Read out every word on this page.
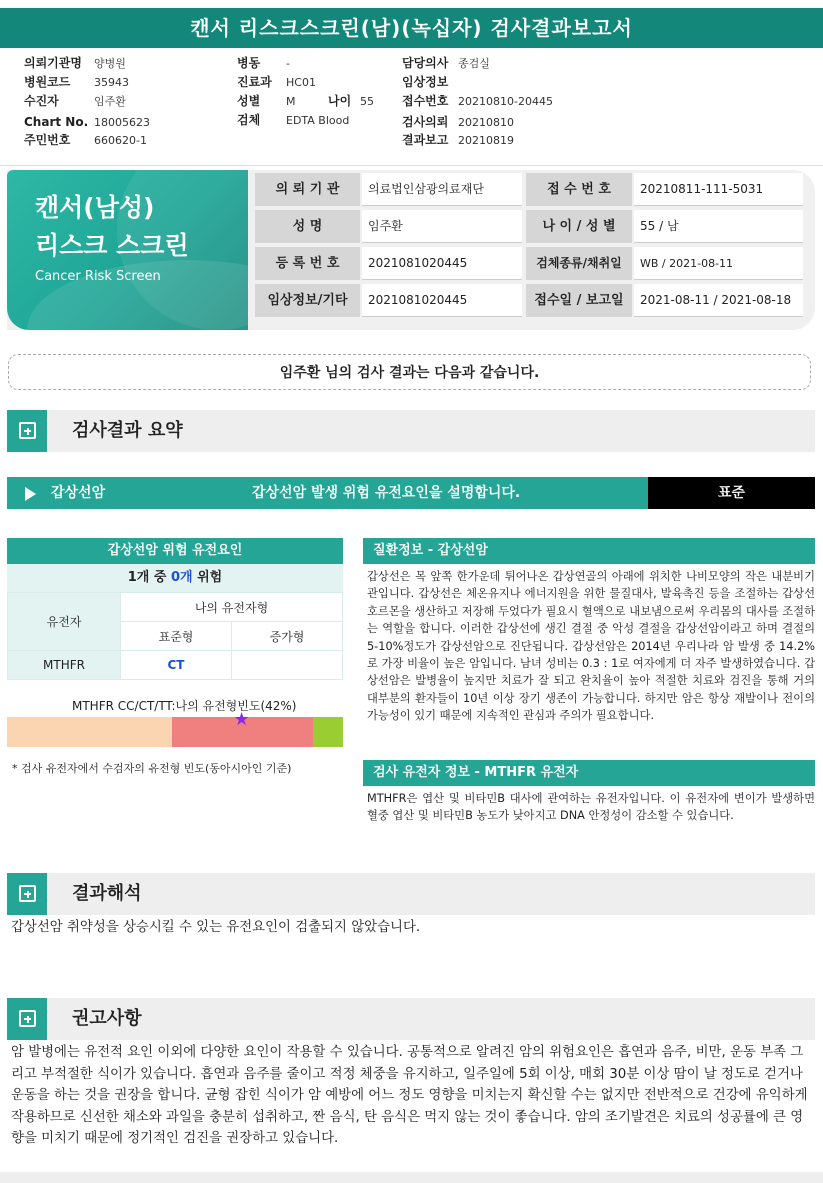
캔서 리스크스크린(남)(녹십자) 검사결과보고서
의뢰기관명 양병원
병원코드 35943
수진자	임주환
Chart No. 18005623
주민번호 660620-1
병동 -
진료과 HC01
성별 M	나이 55
검체 EDTA Blood
담당의사 종검실
임상정보
접수번호 20210810-20445
검사의뢰 20210810
결과보고 20210819
캔서(남성)
리스크 스크린
Cancer Risk Screen
의 뢰 기 관	의료법인삼광의료재단	접 수 번 호	20210811-111-5031
성 명	임주환	나 이 / 성 별	55 / 남
등 록 번 호	2021081020445	검체종류/채취일	WB / 2021-08-11
임상정보/기타	2021081020445	접수일 / 보고일	2021-08-11 / 2021-08-18
임주환 님의 검사 결과는 다음과 같습니다.
검사결과 요약
갑상선암	갑상선암 발생 위험 유전요인을 설명합니다.	표준
갑상선암 위험 유전요인
1개 중 0개 위험
유전자	나의 유전자형	
	표준형	증가형
MTHFR	CT	
MTHFR CC/CT/TT:나의 유전형빈도(42%)
★
* 검사 유전자에서 수검자의 유전형 빈도(동아시아인 기준)
질환정보 - 갑상선암
갑상선은 목 앞쪽 한가운데 튀어나온 갑상연골의 아래에 위치한 나비모양의 작은 내분비기관입니다. 갑상선은 체온유지나 에너지원을 위한 물질대사, 발육촉진 등을 조절하는 갑상선 호르몬을 생산하고 저장해 두었다가 필요시 혈액으로 내보냄으로써 우리몸의 대사를 조절하는 역할을 합니다. 이러한 갑상선에 생긴 결절 중 악성 결절을 갑상선암이라고 하며 결절의 5-10%정도가 갑상선암으로 진단됩니다. 갑상선암은 2014년 우리나라 암 발생 중 14.2%로 가장 비율이 높은 암입니다. 남녀 성비는 0.3 : 1로 여자에게 더 자주 발생하였습니다. 갑상선암은 발병율이 높지만 치료가 잘 되고 완치율이 높아 적절한 치료와 검진을 통해 거의 대부분의 환자들이 10년 이상 장기 생존이 가능합니다. 하지만 암은 항상 재발이나 전이의 가능성이 있기 때문에 지속적인 관심과 주의가 필요합니다.
검사 유전자 정보 - MTHFR 유전자
MTHFR은 엽산 및 비타민B 대사에 관여하는 유전자입니다. 이 유전자에 변이가 발생하면 혈중 엽산 및 비타민B 농도가 낮아지고 DNA 안정성이 감소할 수 있습니다.
결과해석
갑상선암 취약성을 상승시킬 수 있는 유전요인이 검출되지 않았습니다.
권고사항
암 발병에는 유전적 요인 이외에 다양한 요인이 작용할 수 있습니다. 공통적으로 알려진 암의 위험요인은 흡연과 음주, 비만, 운동 부족 그리고 부적절한 식이가 있습니다. 흡연과 음주를 줄이고 적정 체중을 유지하고, 일주일에 5회 이상, 매회 30분 이상 땀이 날 정도로 걷거나 운동을 하는 것을 권장을 합니다. 균형 잡힌 식이가 암 예방에 어느 정도 영향을 미치는지 확신할 수는 없지만 전반적으로 건강에 유익하게 작용하므로 신선한 채소와 과일을 충분히 섭취하고, 짠 음식, 탄 음식은 먹지 않는 것이 좋습니다. 암의 조기발견은 치료의 성공률에 큰 영향을 미치기 때문에 정기적인 검진을 권장하고 있습니다.
